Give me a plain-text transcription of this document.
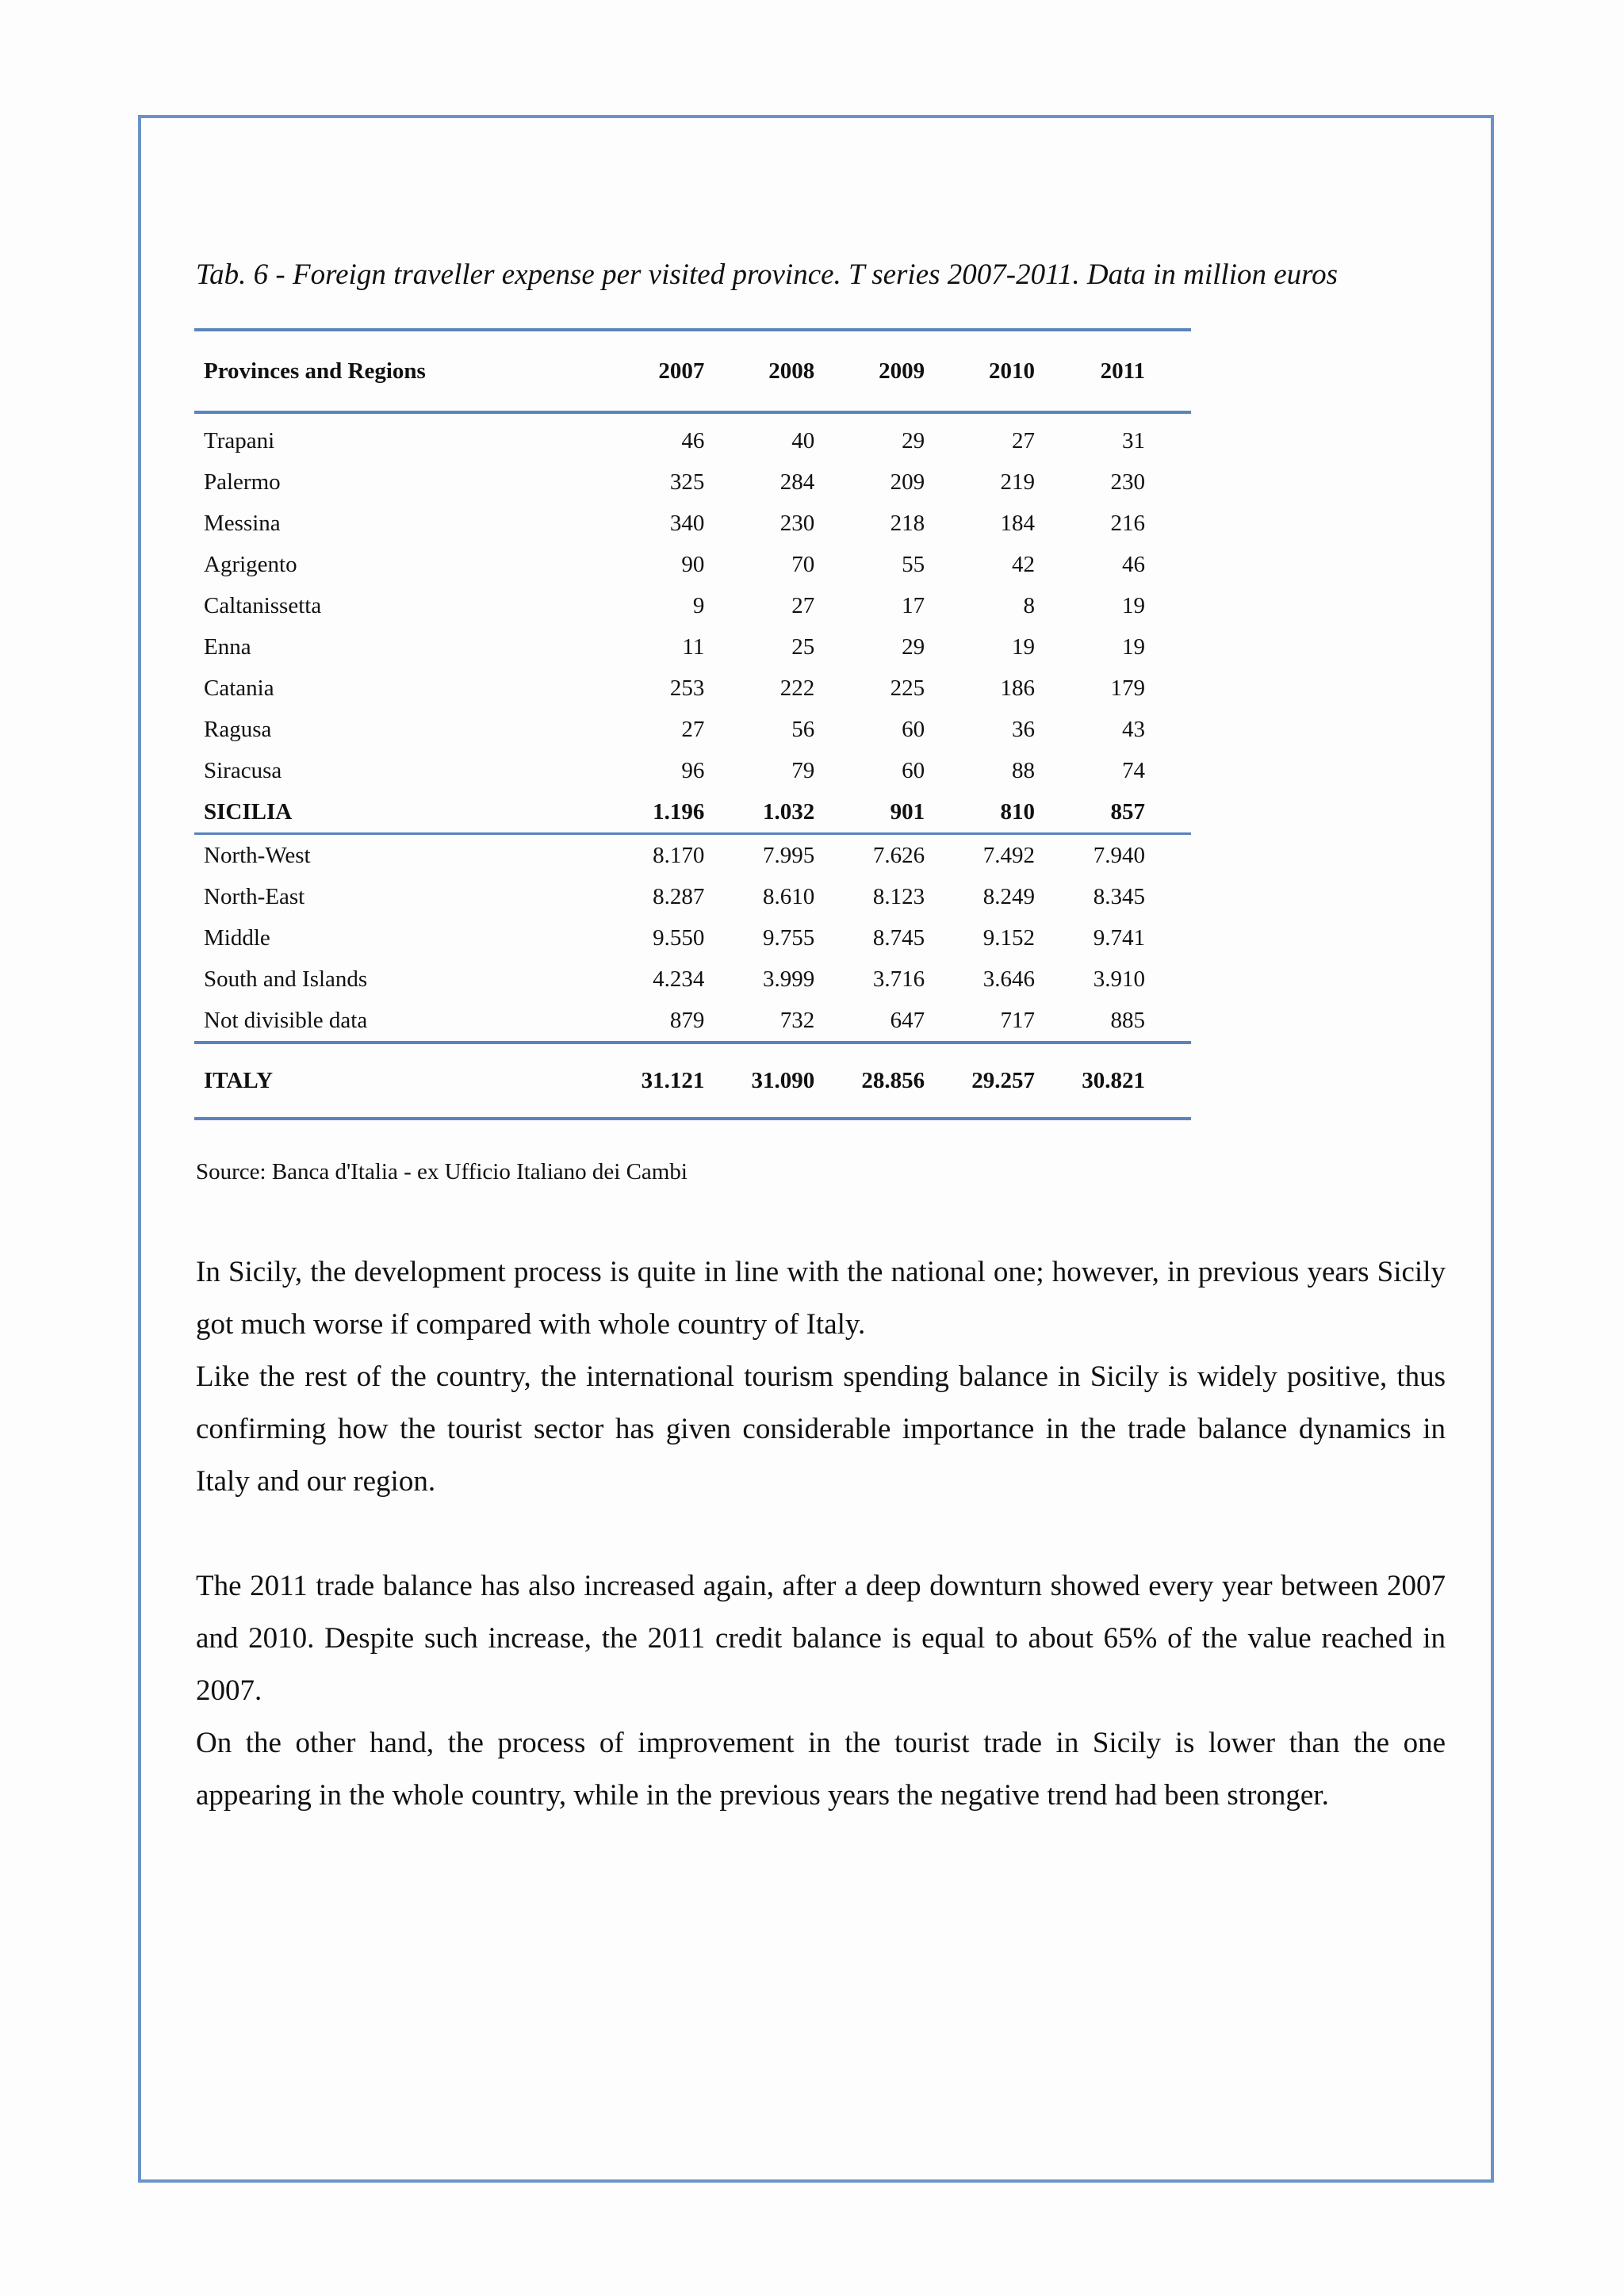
Tab. 6 - Foreign traveller expense per visited province. T series 2007-2011. Data in million euros
Provinces and Regions	2007	2008	2009	2010	2011
Trapani	46	40	29	27	31
Palermo	325	284	209	219	230
Messina	340	230	218	184	216
Agrigento	90	70	55	42	46
Caltanissetta	9	27	17	8	19
Enna	11	25	29	19	19
Catania	253	222	225	186	179
Ragusa	27	56	60	36	43
Siracusa	96	79	60	88	74
SICILIA	1.196	1.032	901	810	857
North-West	8.170	7.995	7.626	7.492	7.940
North-East	8.287	8.610	8.123	8.249	8.345
Middle	9.550	9.755	8.745	9.152	9.741
South and Islands	4.234	3.999	3.716	3.646	3.910
Not divisible data	879	732	647	717	885
ITALY	31.121	31.090	28.856	29.257	30.821
Source: Banca d'Italia - ex Ufficio Italiano dei Cambi

In Sicily, the development process is quite in line with the national one; however, in previous years Sicily got much worse if compared with whole country of Italy.

Like the rest of the country, the international tourism spending balance in Sicily is widely positive, thus confirming how the tourist sector has given considerable importance in the trade balance dynamics in Italy and our region.

The 2011 trade balance has also increased again, after a deep downturn showed every year between 2007 and 2010. Despite such increase, the 2011 credit balance is equal to about 65% of the value reached in 2007.

On the other hand, the process of improvement in the tourist trade in Sicily is lower than the one appearing in the whole country, while in the previous years the negative trend had been stronger.
